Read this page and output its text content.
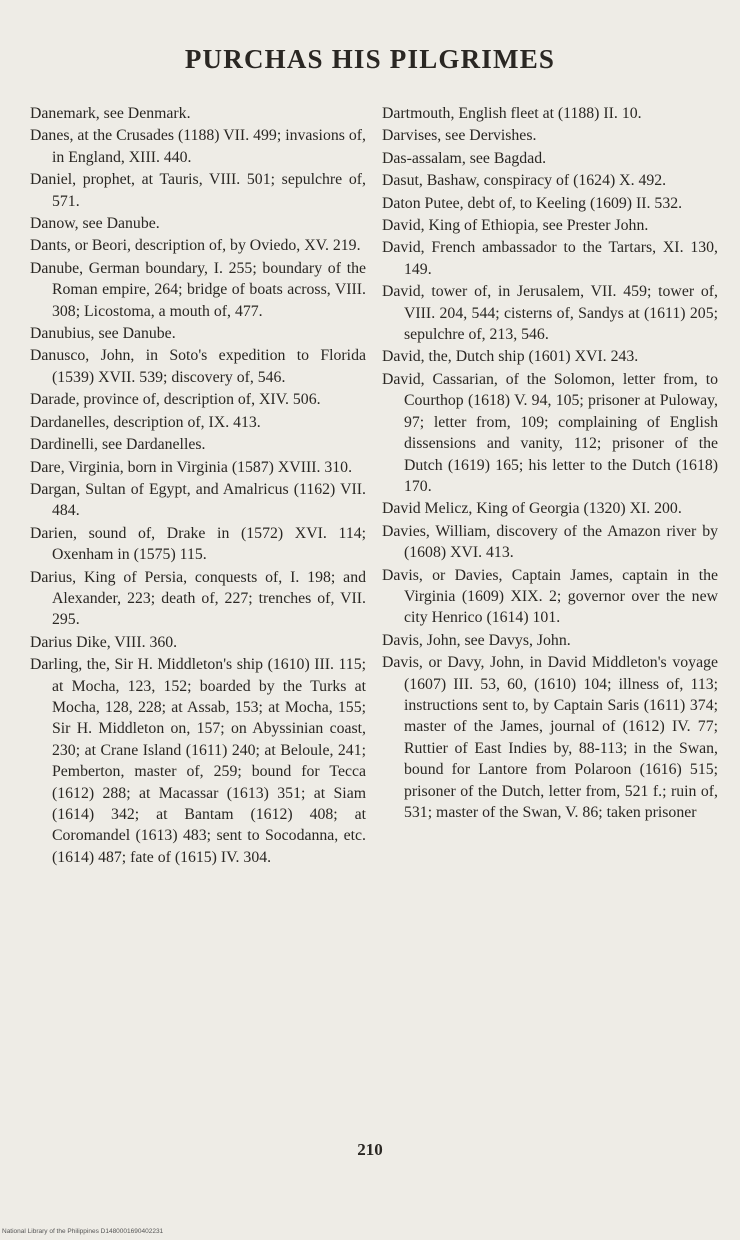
PURCHAS HIS PILGRIMES
Danemark, see Denmark.
Danes, at the Crusades (1188) VII. 499; invasions of, in England, XIII. 440.
Daniel, prophet, at Tauris, VIII. 501; sepulchre of, 571.
Danow, see Danube.
Dants, or Beori, description of, by Oviedo, XV. 219.
Danube, German boundary, I. 255; boundary of the Roman empire, 264; bridge of boats across, VIII. 308; Licostoma, a mouth of, 477.
Danubius, see Danube.
Danusco, John, in Soto's expedition to Florida (1539) XVII. 539; discovery of, 546.
Darade, province of, description of, XIV. 506.
Dardanelles, description of, IX. 413.
Dardinelli, see Dardanelles.
Dare, Virginia, born in Virginia (1587) XVIII. 310.
Dargan, Sultan of Egypt, and Amalricus (1162) VII. 484.
Darien, sound of, Drake in (1572) XVI. 114; Oxenham in (1575) 115.
Darius, King of Persia, conquests of, I. 198; and Alexander, 223; death of, 227; trenches of, VII. 295.
Darius Dike, VIII. 360.
Darling, the, Sir H. Middleton's ship (1610) III. 115; at Mocha, 123, 152; boarded by the Turks at Mocha, 128, 228; at Assab, 153; at Mocha, 155; Sir H. Middleton on, 157; on Abyssinian coast, 230; at Crane Island (1611) 240; at Beloule, 241; Pemberton, master of, 259; bound for Tecca (1612) 288; at Macassar (1613) 351; at Siam (1614) 342; at Bantam (1612) 408; at Coromandel (1613) 483; sent to Socodanna, etc. (1614) 487; fate of (1615) IV. 304.
Dartmouth, English fleet at (1188) II. 10.
Darvises, see Dervishes.
Das-assalam, see Bagdad.
Dasut, Bashaw, conspiracy of (1624) X. 492.
Daton Putee, debt of, to Keeling (1609) II. 532.
David, King of Ethiopia, see Prester John.
David, French ambassador to the Tartars, XI. 130, 149.
David, tower of, in Jerusalem, VII. 459; tower of, VIII. 204, 544; cisterns of, Sandys at (1611) 205; sepulchre of, 213, 546.
David, the, Dutch ship (1601) XVI. 243.
David, Cassarian, of the Solomon, letter from, to Courthop (1618) V. 94, 105; prisoner at Puloway, 97; letter from, 109; complaining of English dissensions and vanity, 112; prisoner of the Dutch (1619) 165; his letter to the Dutch (1618) 170.
David Melicz, King of Georgia (1320) XI. 200.
Davies, William, discovery of the Amazon river by (1608) XVI. 413.
Davis, or Davies, Captain James, captain in the Virginia (1609) XIX. 2; governor over the new city Henrico (1614) 101.
Davis, John, see Davys, John.
Davis, or Davy, John, in David Middleton's voyage (1607) III. 53, 60, (1610) 104; illness of, 113; instructions sent to, by Captain Saris (1611) 374; master of the James, journal of (1612) IV. 77; Ruttier of East Indies by, 88-113; in the Swan, bound for Lantore from Polaroon (1616) 515; prisoner of the Dutch, letter from, 521 f.; ruin of, 531; master of the Swan, V. 86; taken prisoner
210
National Library of the Philippines D1480001690402231
